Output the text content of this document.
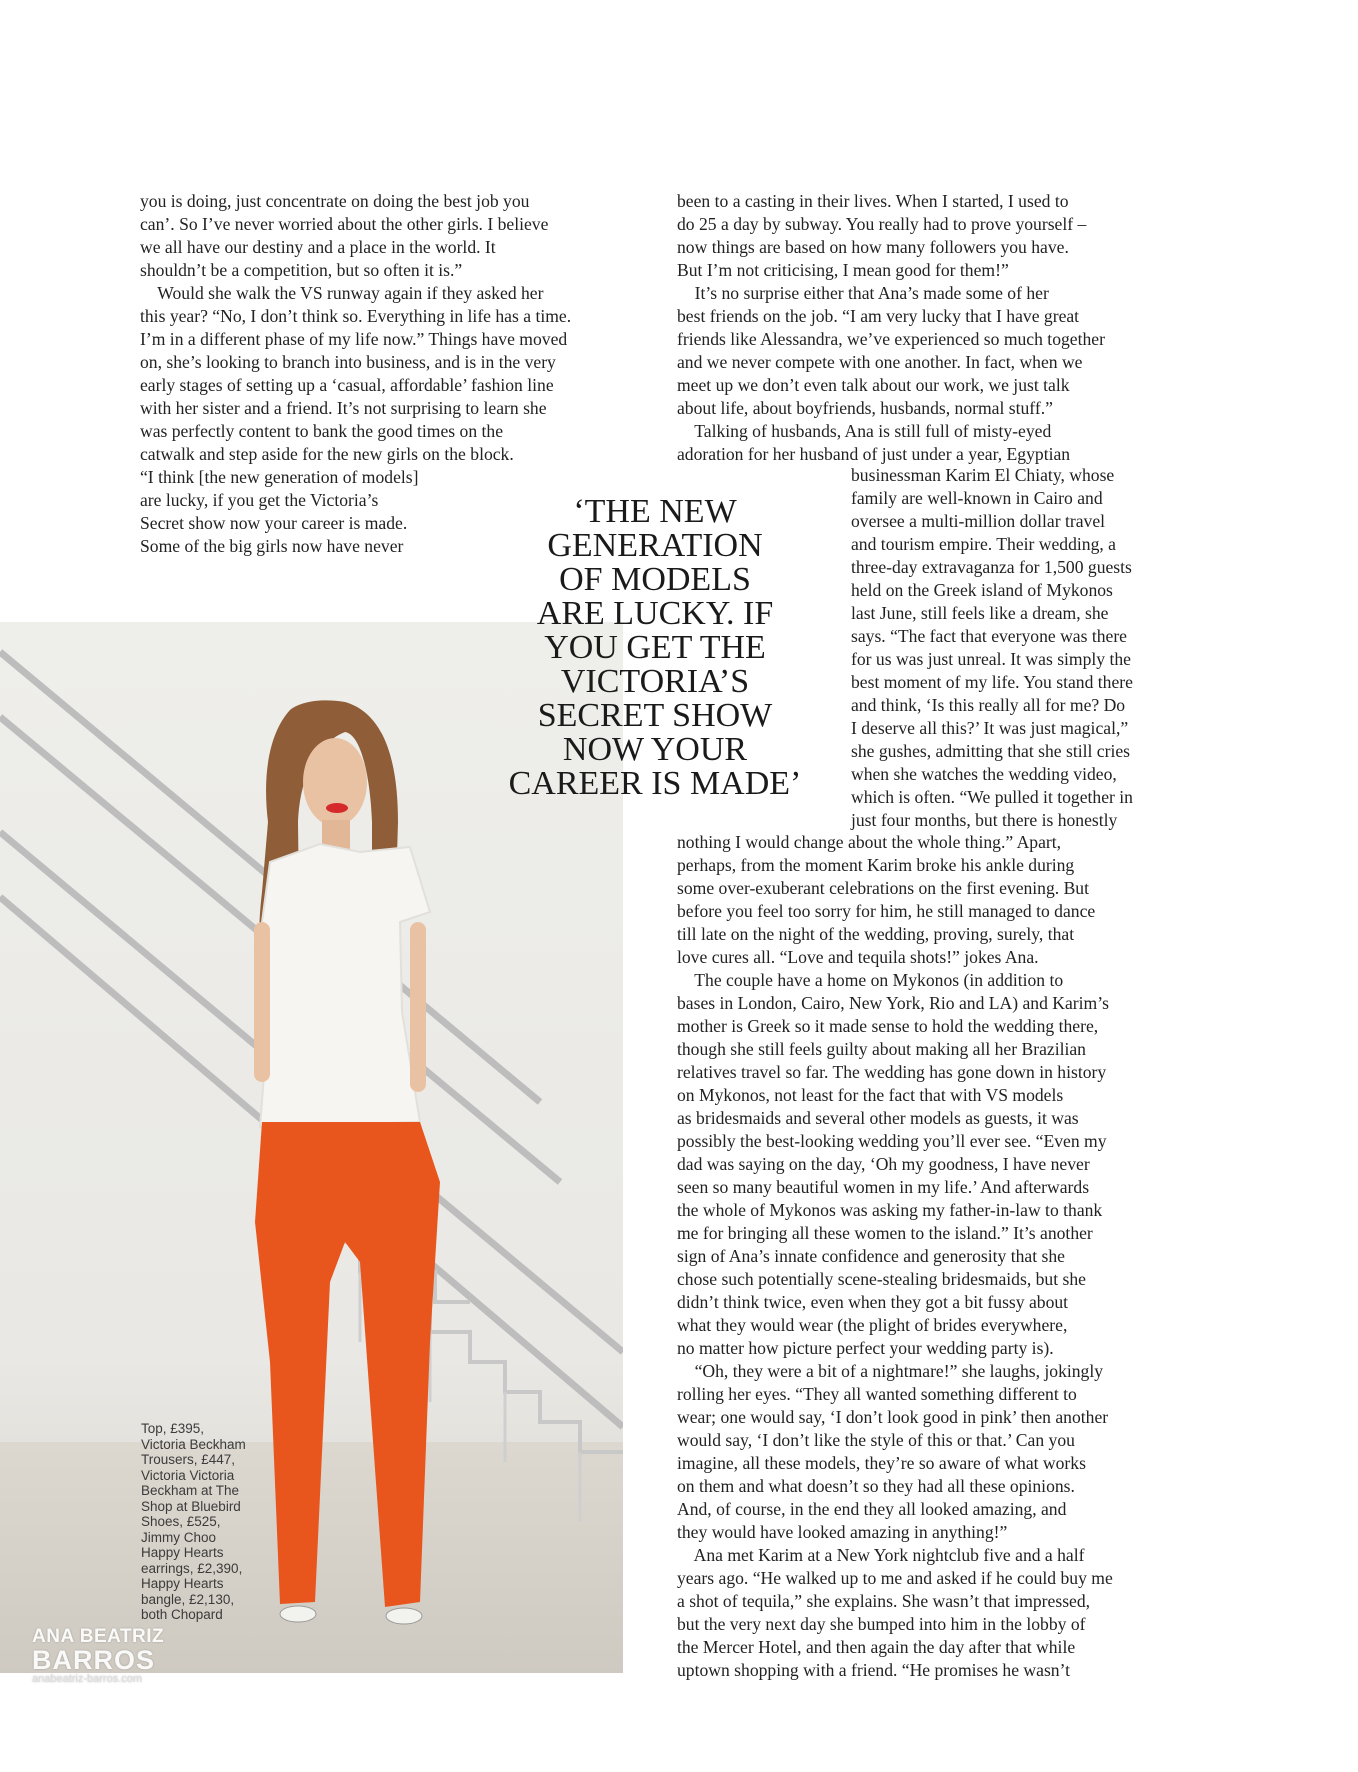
you is doing, just concentrate on doing the best job you

can’. So I’ve never worried about the other girls. I believe

we all have our destiny and a place in the world. It

shouldn’t be a competition, but so often it is.”

Would she walk the VS runway again if they asked her

this year? “No, I don’t think so. Everything in life has a time.

I’m in a different phase of my life now.” Things have moved

on, she’s looking to branch into business, and is in the very

early stages of setting up a ‘casual, affordable’ fashion line

with her sister and a friend. It’s not surprising to learn she

was perfectly content to bank the good times on the

catwalk and step aside for the new girls on the block.

“I think [the new generation of models]

are lucky, if you get the Victoria’s

Secret show now your career is made.

Some of the big girls now have never

been to a casting in their lives. When I started, I used to

do 25 a day by subway. You really had to prove yourself –

now things are based on how many followers you have.

But I’m not criticising, I mean good for them!”

It’s no surprise either that Ana’s made some of her

best friends on the job. “I am very lucky that I have great

friends like Alessandra, we’ve experienced so much together

and we never compete with one another. In fact, when we

meet up we don’t even talk about our work, we just talk

about life, about boyfriends, husbands, normal stuff.”

Talking of husbands, Ana is still full of misty-eyed

adoration for her husband of just under a year, Egyptian

businessman Karim El Chiaty, whose

family are well-known in Cairo and

oversee a multi-million dollar travel

and tourism empire. Their wedding, a

three-day extravaganza for 1,500 guests

held on the Greek island of Mykonos

last June, still feels like a dream, she

says. “The fact that everyone was there

for us was just unreal. It was simply the

best moment of my life. You stand there

and think, ‘Is this really all for me? Do

I deserve all this?’ It was just magical,”

she gushes, admitting that she still cries

when she watches the wedding video,

which is often. “We pulled it together in

just four months, but there is honestly

nothing I would change about the whole thing.” Apart,

perhaps, from the moment Karim broke his ankle during

some over-exuberant celebrations on the first evening. But

before you feel too sorry for him, he still managed to dance

till late on the night of the wedding, proving, surely, that

love cures all. “Love and tequila shots!” jokes Ana.

The couple have a home on Mykonos (in addition to

bases in London, Cairo, New York, Rio and LA) and Karim’s

mother is Greek so it made sense to hold the wedding there,

though she still feels guilty about making all her Brazilian

relatives travel so far. The wedding has gone down in history

on Mykonos, not least for the fact that with VS models

as bridesmaids and several other models as guests, it was

possibly the best-looking wedding you’ll ever see. “Even my

dad was saying on the day, ‘Oh my goodness, I have never

seen so many beautiful women in my life.’ And afterwards

the whole of Mykonos was asking my father-in-law to thank

me for bringing all these women to the island.” It’s another

sign of Ana’s innate confidence and generosity that she

chose such potentially scene-stealing bridesmaids, but she

didn’t think twice, even when they got a bit fussy about

what they would wear (the plight of brides everywhere,

no matter how picture perfect your wedding party is).

“Oh, they were a bit of a nightmare!” she laughs, jokingly

rolling her eyes. “They all wanted something different to

wear; one would say, ‘I don’t look good in pink’ then another

would say, ‘I don’t like the style of this or that.’ Can you

imagine, all these models, they’re so aware of what works

on them and what doesn’t so they had all these opinions.

And, of course, in the end they all looked amazing, and

they would have looked amazing in anything!”

Ana met Karim at a New York nightclub five and a half

years ago. “He walked up to me and asked if he could buy me

a shot of tequila,” she explains. She wasn’t that impressed,

but the very next day she bumped into him in the lobby of

the Mercer Hotel, and then again the day after that while

uptown shopping with a friend. “He promises he wasn’t

‘THE NEW

GENERATION

OF MODELS

ARE LUCKY. IF

YOU GET THE

VICTORIA’S

SECRET SHOW

NOW YOUR

CAREER IS MADE’

Top, £395,

Victoria Beckham

Trousers, £447,

Victoria Victoria

Beckham at The

Shop at Bluebird

Shoes, £525,

Jimmy Choo

Happy Hearts

earrings, £2,390,

Happy Hearts

bangle, £2,130,

both Chopard

ANA BEATRIZ
BARROS
anabeatriz-barros.com
